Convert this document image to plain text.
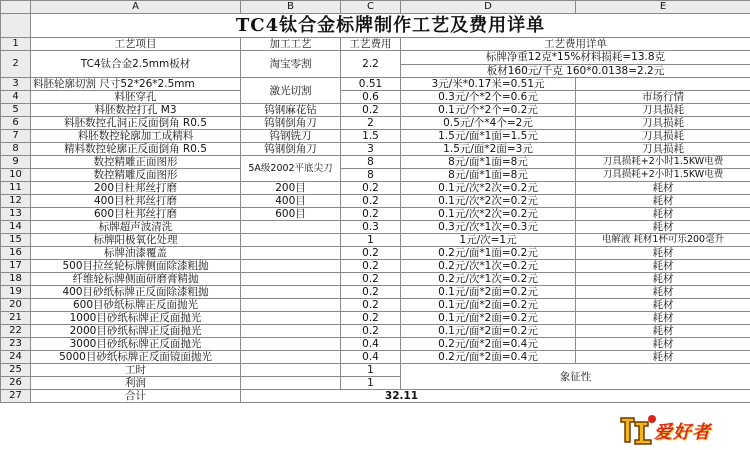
	A	B	C	D	E
	TC4钛合金标牌制作工艺及费用详单				
1	工艺项目	加工工艺	工艺费用	工艺费用详单	
2	TC4钛合金2.5mm板材	淘宝零割	2.2	标牌净重12克*15%材料损耗=13.8克	
				板材160元/千克 160*0.0138=2.2元	
3	料胚轮廓切割 尺寸52*26*2.5mm	激光切割	0.51	3元/米*0.17米=0.51元	
4	料胚穿孔		0.6	0.3元/个*2个=0.6元	市场行情
5	料胚数控打孔 M3	钨钢麻花钻	0.2	0.1元/个*2个=0.2元	刀具损耗
6	料胚数控孔洞正反面倒角 R0.5	钨钢倒角刀	2	0.5元/个*4个=2元	刀具损耗
7	料胚数控轮廓加工成精料	钨钢铣刀	1.5	1.5元/面*1面=1.5元	刀具损耗
8	精料数控轮廓正反面倒角 R0.5	钨钢倒角刀	3	1.5元/面*2面=3元	刀具损耗
9	数控精雕正面图形	5A级2002平底尖刀	8	8元/面*1面=8元	刀具损耗+2小时1.5KW电费
10	数控精雕反面图形		8	8元/面*1面=8元	刀具损耗+2小时1.5KW电费
11	200目杜邦丝打磨	200目	0.2	0.1元/次*2次=0.2元	耗材
12	400目杜邦丝打磨	400目	0.2	0.1元/次*2次=0.2元	耗材
13	600目杜邦丝打磨	600目	0.2	0.1元/次*2次=0.2元	耗材
14	标牌超声波清洗		0.3	0.3元/次*1次=0.3元	耗材
15	标牌阳极氧化处理		1	1元/次=1元	电解液 耗材1杯可乐200毫升
16	标牌油漆覆盖		0.2	0.2元/面*1面=0.2元	耗材
17	500目拉丝轮标牌侧面除漆粗抛		0.2	0.2元/次*1次=0.2元	耗材
18	纤维轮标牌侧面研磨膏精抛		0.2	0.2元/次*1次=0.2元	耗材
19	400目砂纸标牌正反面除漆粗抛		0.2	0.1元/面*2面=0.2元	耗材
20	600目砂纸标牌正反面抛光		0.2	0.1元/面*2面=0.2元	耗材
21	1000目砂纸标牌正反面抛光		0.2	0.1元/面*2面=0.2元	耗材
22	2000目砂纸标牌正反面抛光		0.2	0.1元/面*2面=0.2元	耗材
23	3000目砂纸标牌正反面抛光		0.4	0.2元/面*2面=0.4元	耗材
24	5000目砂纸标牌正反面镜面抛光		0.4	0.2元/面*2面=0.4元	耗材
25	工时		1	象征性	
26	利润		1		
27	合计	32.11			
爱好者
